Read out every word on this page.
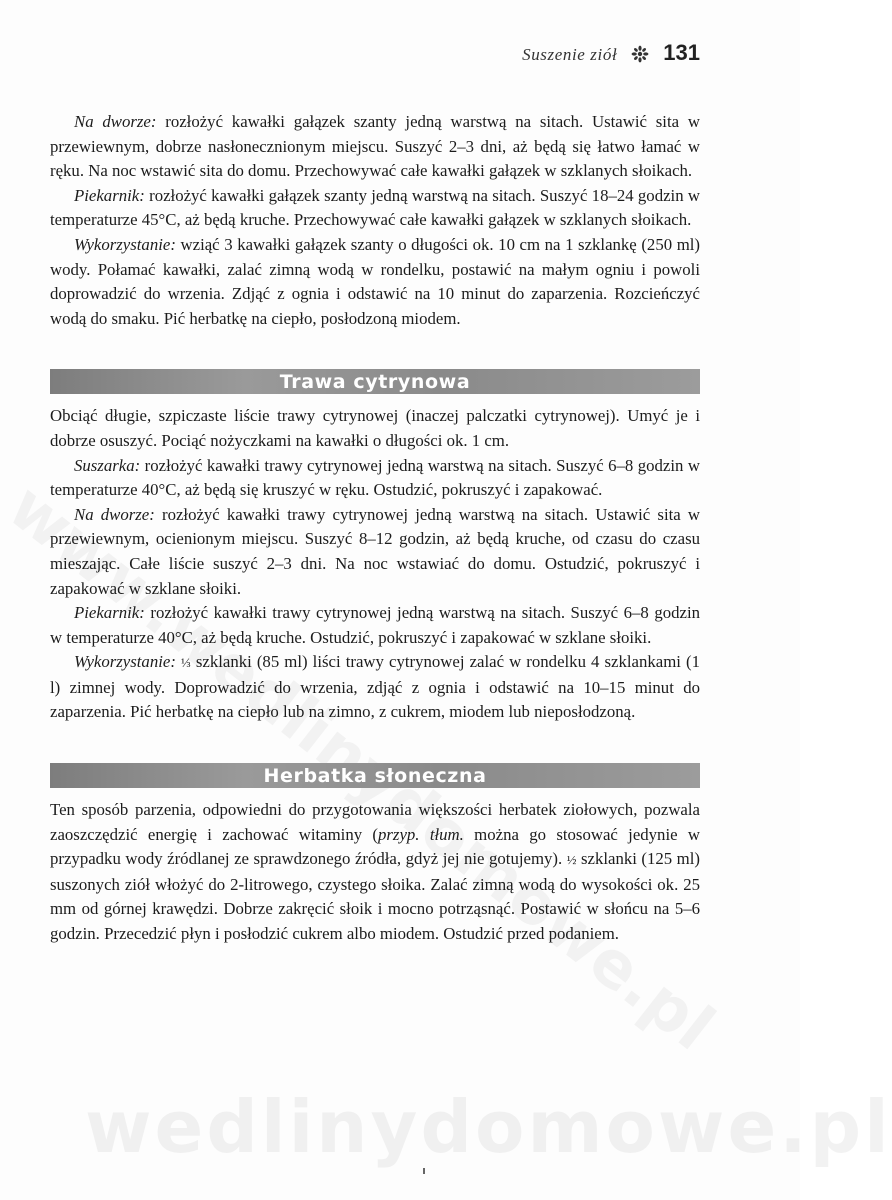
Suszenie ziół 131

Na dworze: rozłożyć kawałki gałązek szanty jedną warstwą na sitach. Ustawić sita w przewiewnym, dobrze nasłonecznionym miejscu. Suszyć 2–3 dni, aż będą się łatwo łamać w ręku. Na noc wstawić sita do domu. Przechowywać całe kawałki gałązek w szklanych słoikach.

Piekarnik: rozłożyć kawałki gałązek szanty jedną warstwą na sitach. Suszyć 18–24 godzin w temperaturze 45°C, aż będą kruche. Przechowywać całe kawałki gałązek w szklanych słoikach.

Wykorzystanie: wziąć 3 kawałki gałązek szanty o długości ok. 10 cm na 1 szklankę (250 ml) wody. Połamać kawałki, zalać zimną wodą w rondelku, postawić na małym ogniu i powoli doprowadzić do wrzenia. Zdjąć z ognia i odstawić na 10 minut do zaparzenia. Rozcieńczyć wodą do smaku. Pić herbatkę na ciepło, posłodzoną miodem.

Trawa cytrynowa

Obciąć długie, szpiczaste liście trawy cytrynowej (inaczej palczatki cytrynowej). Umyć je i dobrze osuszyć. Pociąć nożyczkami na kawałki o długości ok. 1 cm.

Suszarka: rozłożyć kawałki trawy cytrynowej jedną warstwą na sitach. Suszyć 6–8 godzin w temperaturze 40°C, aż będą się kruszyć w ręku. Ostudzić, pokruszyć i zapakować.

Na dworze: rozłożyć kawałki trawy cytrynowej jedną warstwą na sitach. Ustawić sita w przewiewnym, ocienionym miejscu. Suszyć 8–12 godzin, aż będą kruche, od czasu do czasu mieszając. Całe liście suszyć 2–3 dni. Na noc wstawiać do domu. Ostudzić, pokruszyć i zapakować w szklane słoiki.

Piekarnik: rozłożyć kawałki trawy cytrynowej jedną warstwą na sitach. Suszyć 6–8 godzin w temperaturze 40°C, aż będą kruche. Ostudzić, pokruszyć i zapakować w szklane słoiki.

Wykorzystanie: ⅓ szklanki (85 ml) liści trawy cytrynowej zalać w rondelku 4 szklankami (1 l) zimnej wody. Doprowadzić do wrzenia, zdjąć z ognia i odstawić na 10–15 minut do zaparzenia. Pić herbatkę na ciepło lub na zimno, z cukrem, miodem lub nieposłodzoną.

Herbatka słoneczna

Ten sposób parzenia, odpowiedni do przygotowania większości herbatek ziołowych, pozwala zaoszczędzić energię i zachować witaminy (przyp. tłum. można go stosować jedynie w przypadku wody źródlanej ze sprawdzonego źródła, gdyż jej nie gotujemy). ½ szklanki (125 ml) suszonych ziół włożyć do 2-litrowego, czystego słoika. Zalać zimną wodą do wysokości ok. 25 mm od górnej krawędzi. Dobrze zakręcić słoik i mocno potrząsnąć. Postawić w słońcu na 5–6 godzin. Przecedzić płyn i posłodzić cukrem albo miodem. Ostudzić przed podaniem.

wedlinydomowe.pl
